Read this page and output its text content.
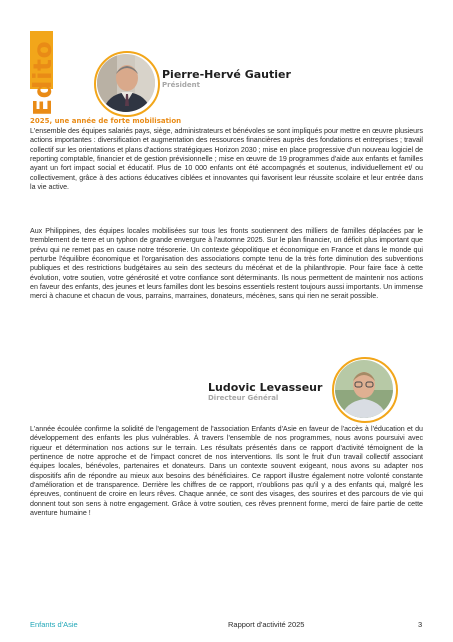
Edito	Pierre-Hervé Gautier
Président
2025, une année de forte mobilisation

L'ensemble des équipes salariés pays, siège, administrateurs et bénévoles se sont impliqués pour mettre en œuvre plusieurs actions importantes : diversification et augmentation des ressources financières auprès des fondations et entreprises ; travail collectif sur les orientations et plans d'actions stratégiques Horizon 2030 ; mise en place progressive d'un nouveau logiciel de reporting comptable, financier et de gestion prévisionnelle ; mise en œuvre de 19 programmes d'aide aux enfants et familles ayant un fort impact social et éducatif. Plus de 10 000 enfants ont été accompagnés et soutenus, individuellement et/ ou collectivement, grâce à des actions éducatives ciblées et innovantes qui favorisent leur réussite scolaire et leur entrée dans la vie active.

Aux Philippines, des équipes locales mobilisées sur tous les fronts soutiennent des milliers de familles déplacées par le tremblement de terre et un typhon de grande envergure à l'automne 2025. Sur le plan financier, un déficit plus important que prévu qui ne remet pas en cause notre trésorerie. Un contexte géopolitique et économique en France et dans le monde qui perturbe l'équilibre économique et l'organisation des associations compte tenu de la très forte diminution des subventions publiques et des restrictions budgétaires au sein des secteurs du mécénat et de la philanthropie. Pour faire face à cette évolution, votre soutien, votre générosité et votre confiance sont déterminants. Ils nous permettent de maintenir nos actions en faveur des enfants, des jeunes et leurs familles dont les besoins essentiels restent toujours aussi importants. Un immense merci à chacune et chacun de vous, parrains, marraines, donateurs, mécènes, sans qui rien ne serait possible.

Ludovic Levasseur
Directeur Général

L'année écoulée confirme la solidité de l'engagement de l'association Enfants d'Asie en faveur de l'accès à l'éducation et du développement des enfants les plus vulnérables. À travers l'ensemble de nos programmes, nous avons poursuivi avec rigueur et détermination nos actions sur le terrain. Les résultats présentés dans ce rapport d'activité témoignent de la pertinence de notre approche et de l'impact concret de nos interventions. Ils sont le fruit d'un travail collectif associant équipes locales, bénévoles, partenaires et donateurs. Dans un contexte souvent exigeant, nous avons su adapter nos dispositifs afin de répondre au mieux aux besoins des bénéficiaires. Ce rapport illustre également notre volonté constante d'amélioration et de transparence. Derrière les chiffres de ce rapport, n'oublions pas qu'il y a des enfants qui, malgré les épreuves, continuent de croire en leurs rêves. Chaque année, ce sont des visages, des sourires et des parcours de vie qui donnent tout son sens à notre engagement. Grâce à votre soutien, ces rêves prennent forme, merci de faire partie de cette aventure humaine !

Enfants d'Asie	Rapport d'activité 2025	3
